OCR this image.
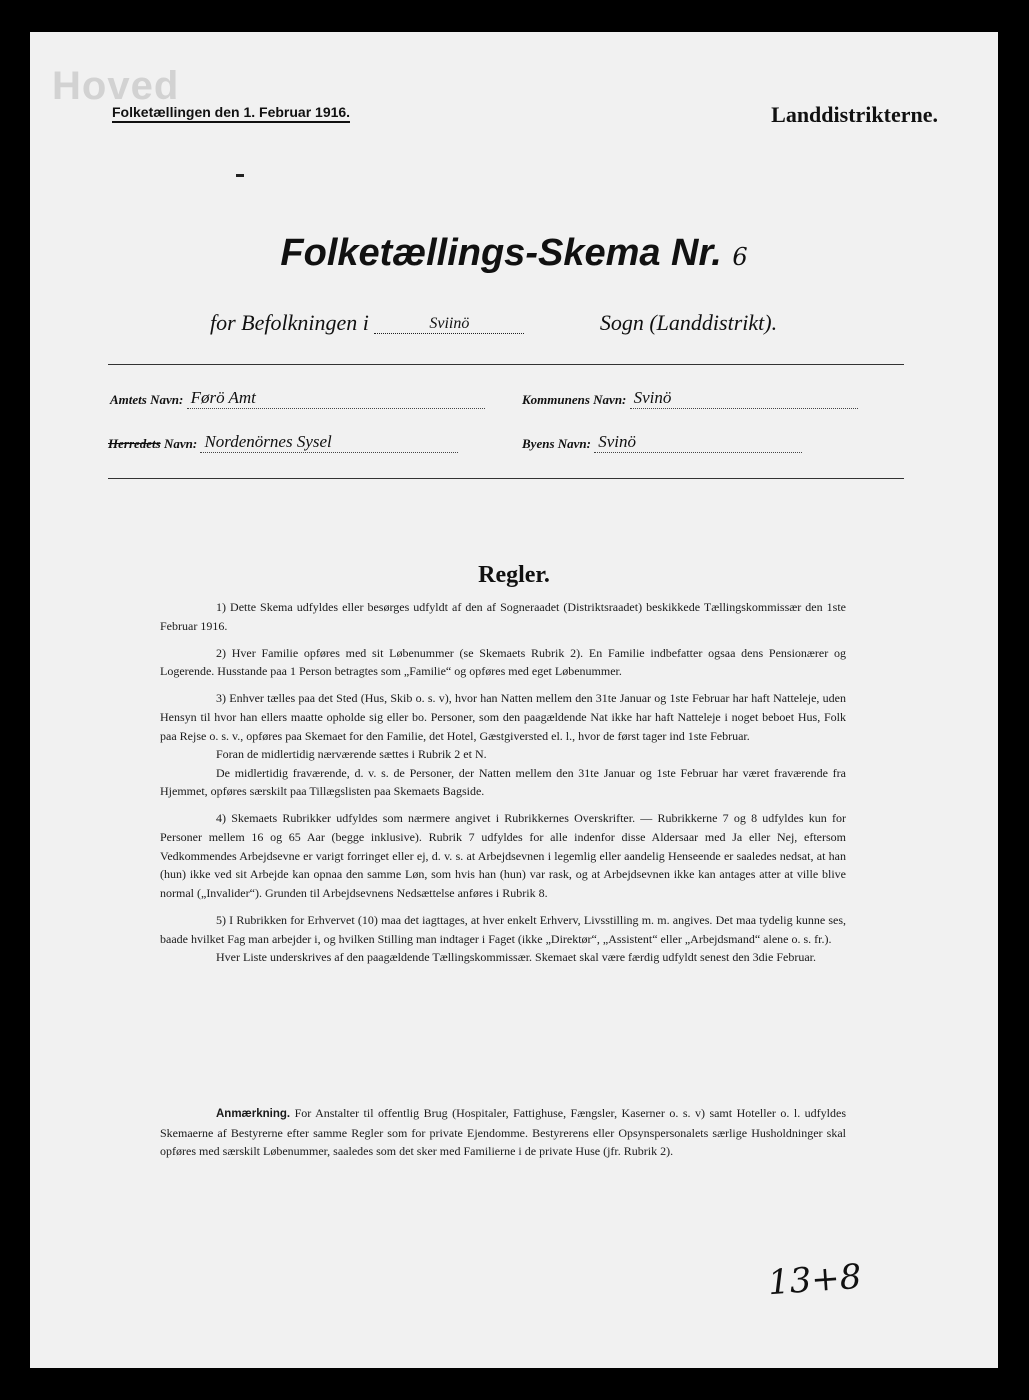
Hoved
Folketællingen den 1. Februar 1916.	Landdistrikterne.
Folketællings-Skema Nr. 6
for Befolkningen i	Sviinö	Sogn (Landdistrikt).
Amtets Navn: Førö Amt	Kommunens Navn: Svinö
Herredets Navn: Nordenörnes Sysel	Byens Navn: Svinö
Regler.

1) Dette Skema udfyldes eller besørges udfyldt af den af Sogneraadet (Distriktsraadet) beskikkede Tællingskommissær den 1ste Februar 1916.

2) Hver Familie opføres med sit Løbenummer (se Skemaets Rubrik 2). En Familie indbefatter ogsaa dens Pensionærer og Logerende. Husstande paa 1 Person betragtes som „Familie“ og opføres med eget Løbenummer.

3) Enhver tælles paa det Sted (Hus, Skib o. s. v), hvor han Natten mellem den 31te Januar og 1ste Februar har haft Natteleje, uden Hensyn til hvor han ellers maatte opholde sig eller bo. Personer, som den paagældende Nat ikke har haft Natteleje i noget beboet Hus, Folk paa Rejse o. s. v., opføres paa Skemaet for den Familie, det Hotel, Gæstgiversted el. l., hvor de først tager ind 1ste Februar.

Foran de midlertidig nærværende sættes i Rubrik 2 et N.

De midlertidig fraværende, d. v. s. de Personer, der Natten mellem den 31te Januar og 1ste Februar har været fraværende fra Hjemmet, opføres særskilt paa Tillægslisten paa Skemaets Bagside.

4) Skemaets Rubrikker udfyldes som nærmere angivet i Rubrikkernes Overskrifter. — Rubrikkerne 7 og 8 udfyldes kun for Personer mellem 16 og 65 Aar (begge inklusive). Rubrik 7 udfyldes for alle indenfor disse Aldersaar med Ja eller Nej, eftersom Vedkommendes Arbejdsevne er varigt forringet eller ej, d. v. s. at Arbejdsevnen i legemlig eller aandelig Henseende er saaledes nedsat, at han (hun) ikke ved sit Arbejde kan opnaa den samme Løn, som hvis han (hun) var rask, og at Arbejdsevnen ikke kan antages atter at ville blive normal („Invalider“). Grunden til Arbejdsevnens Nedsættelse anføres i Rubrik 8.

5) I Rubrikken for Erhvervet (10) maa det iagttages, at hver enkelt Erhverv, Livsstilling m. m. angives. Det maa tydelig kunne ses, baade hvilket Fag man arbejder i, og hvilken Stilling man indtager i Faget (ikke „Direktør“, „Assistent“ eller „Arbejdsmand“ alene o. s. fr.).

Hver Liste underskrives af den paagældende Tællingskommissær. Skemaet skal være færdig udfyldt senest den 3die Februar.

Anmærkning. For Anstalter til offentlig Brug (Hospitaler, Fattighuse, Fængsler, Kaserner o. s. v) samt Hoteller o. l. udfyldes Skemaerne af Bestyrerne efter samme Regler som for private Ejendomme. Bestyrerens eller Opsynspersonalets særlige Husholdninger skal opføres med særskilt Løbenummer, saaledes som det sker med Familierne i de private Huse (jfr. Rubrik 2).

13+8
